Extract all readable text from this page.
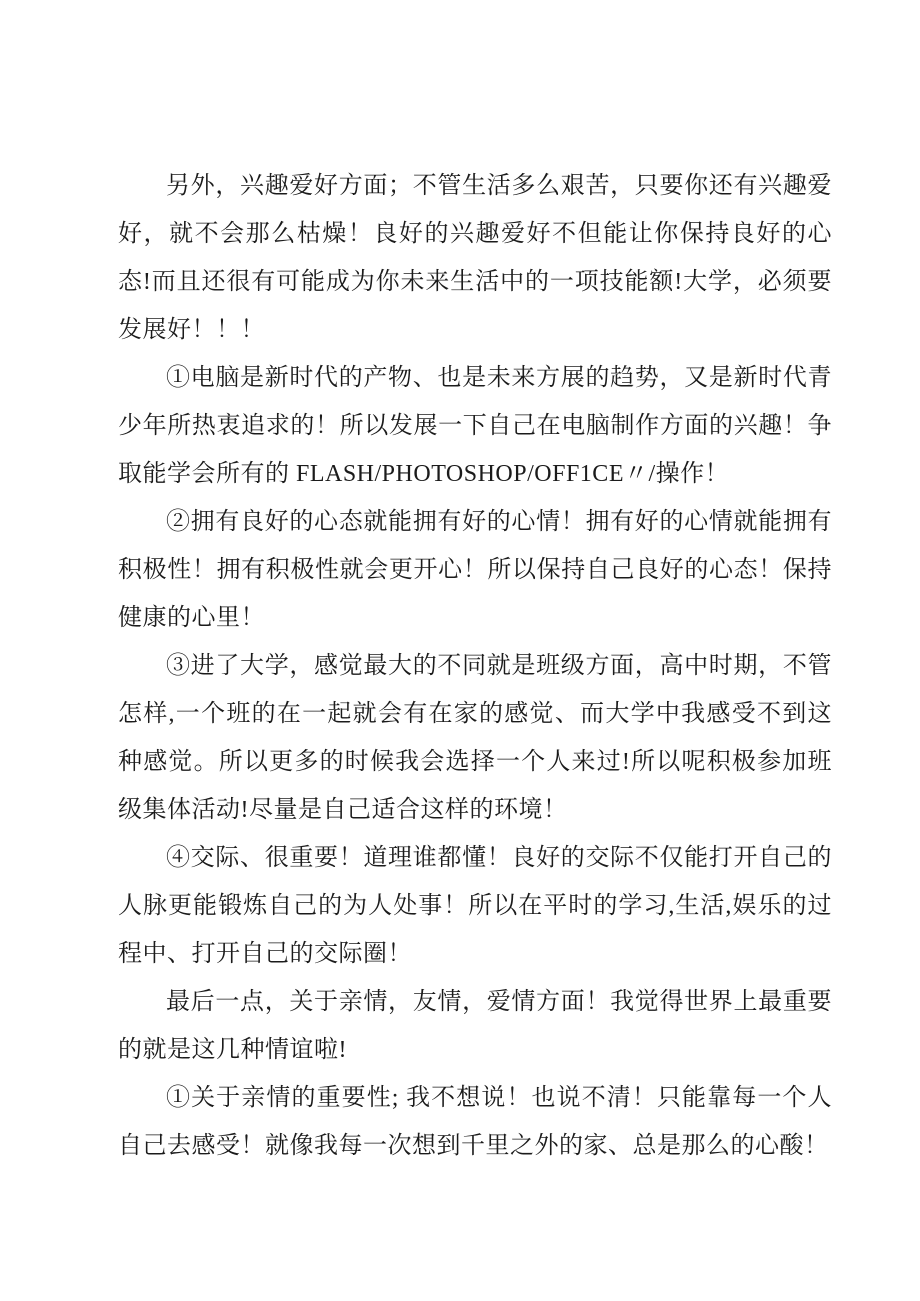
另外，兴趣爱好方面；不管生活多么艰苦，只要你还有兴趣爱好，就不会那么枯燥！良好的兴趣爱好不但能让你保持良好的心态!而且还很有可能成为你未来生活中的一项技能额!大学，必须要发展好！！！

①电脑是新时代的产物、也是未来方展的趋势，又是新时代青少年所热衷追求的！所以发展一下自己在电脑制作方面的兴趣！争取能学会所有的 FLASH/PHOTOSHOP/OFF1CE〃/操作！

②拥有良好的心态就能拥有好的心情！拥有好的心情就能拥有积极性！拥有积极性就会更开心！所以保持自己良好的心态！保持健康的心里！

③进了大学，感觉最大的不同就是班级方面，高中时期，不管怎样,一个班的在一起就会有在家的感觉、而大学中我感受不到这种感觉。所以更多的时候我会选择一个人来过!所以呢积极参加班级集体活动!尽量是自己适合这样的环境！

④交际、很重要！道理谁都懂！良好的交际不仅能打开自己的人脉更能锻炼自己的为人处事！所以在平时的学习,生活,娱乐的过程中、打开自己的交际圈！

最后一点，关于亲情，友情，爱情方面！我觉得世界上最重要的就是这几种情谊啦!

①关于亲情的重要性; 我不想说！也说不清！只能靠每一个人自己去感受！就像我每一次想到千里之外的家、总是那么的心酸！
